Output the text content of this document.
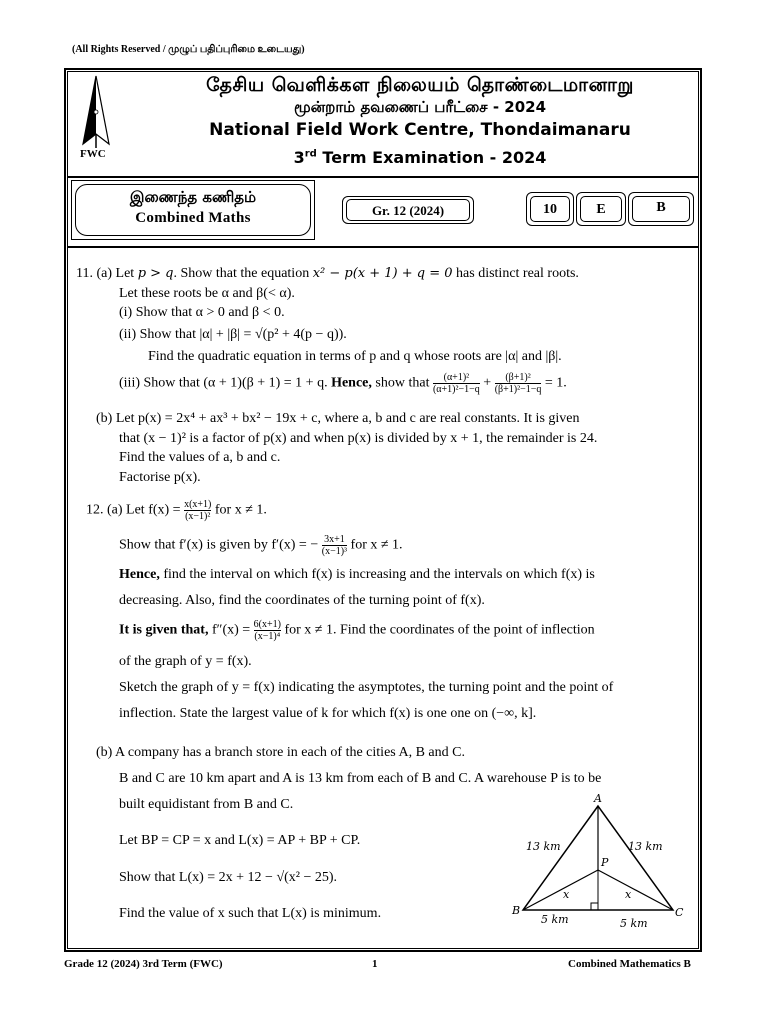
(All Rights Reserved / முழுப் பதிப்புரிமை உடையது)
FWC
தேசிய வெளிக்கள நிலையம் தொண்டைமானாறு
மூன்றாம் தவணைப் பரீட்சை - 2024
National Field Work Centre, Thondaimanaru
3rd Term Examination - 2024
இணைந்த கணிதம்
Combined Maths	Gr. 12 (2024)	10	E	B
11. (a) Let p > q. Show that the equation x² − p(x + 1) + q = 0 has distinct real roots.
Let these roots be α and β(< α).
(i) Show that α > 0 and β < 0.
(ii) Show that |α| + |β| = √(p² + 4(p − q)).
Find the quadratic equation in terms of p and q whose roots are |α| and |β|.
(iii) Show that (α + 1)(β + 1) = 1 + q. Hence, show that $\frac{\text{(α+1)²}}{\text{(α+1)²−1−q}} + \frac{\text{(β+1)²}}{\text{(β+1)²−1−q}} = 1$.
(b) Let p(x) = 2x⁴ + ax³ + bx² − 19x + c, where a, b and c are real constants. It is given
that (x − 1)² is a factor of p(x) and when p(x) is divided by x + 1, the remainder is 24.
Find the values of a, b and c.
Factorise p(x).
12. (a) Let $f(x) = \frac{x(x+1)}{\text{(x−1)²}}$ for x ≠ 1.
Show that f′(x) is given by f′(x) = − $\frac{3x+1}{\text{(x−1)³}}$ for x ≠ 1.
Hence, find the interval on which f(x) is increasing and the intervals on which f(x) is
decreasing. Also, find the coordinates of the turning point of f(x).
It is given that, $f''(x) = \frac{6(x+1)}{\text{(x−1)⁴}}$ for x ≠ 1. Find the coordinates of the point of inflection
of the graph of y = f(x).
Sketch the graph of y = f(x) indicating the asymptotes, the turning point and the point of
inflection. State the largest value of k for which f(x) is one one on (−∞, k].
(b) A company has a branch store in each of the cities A, B and C.
B and C are 10 km apart and A is 13 km from each of B and C. A warehouse P is to be
built equidistant from B and C.
Let BP = CP = x and L(x) = AP + BP + CP.
Show that L(x) = 2x + 12 − √(x² − 25).
Find the value of x such that L(x) is minimum.
A
B	C
P
13 km	13 km
x	x
5 km	5 km
Grade 12 (2024) 3rd Term (FWC)	1	Combined Mathematics B
